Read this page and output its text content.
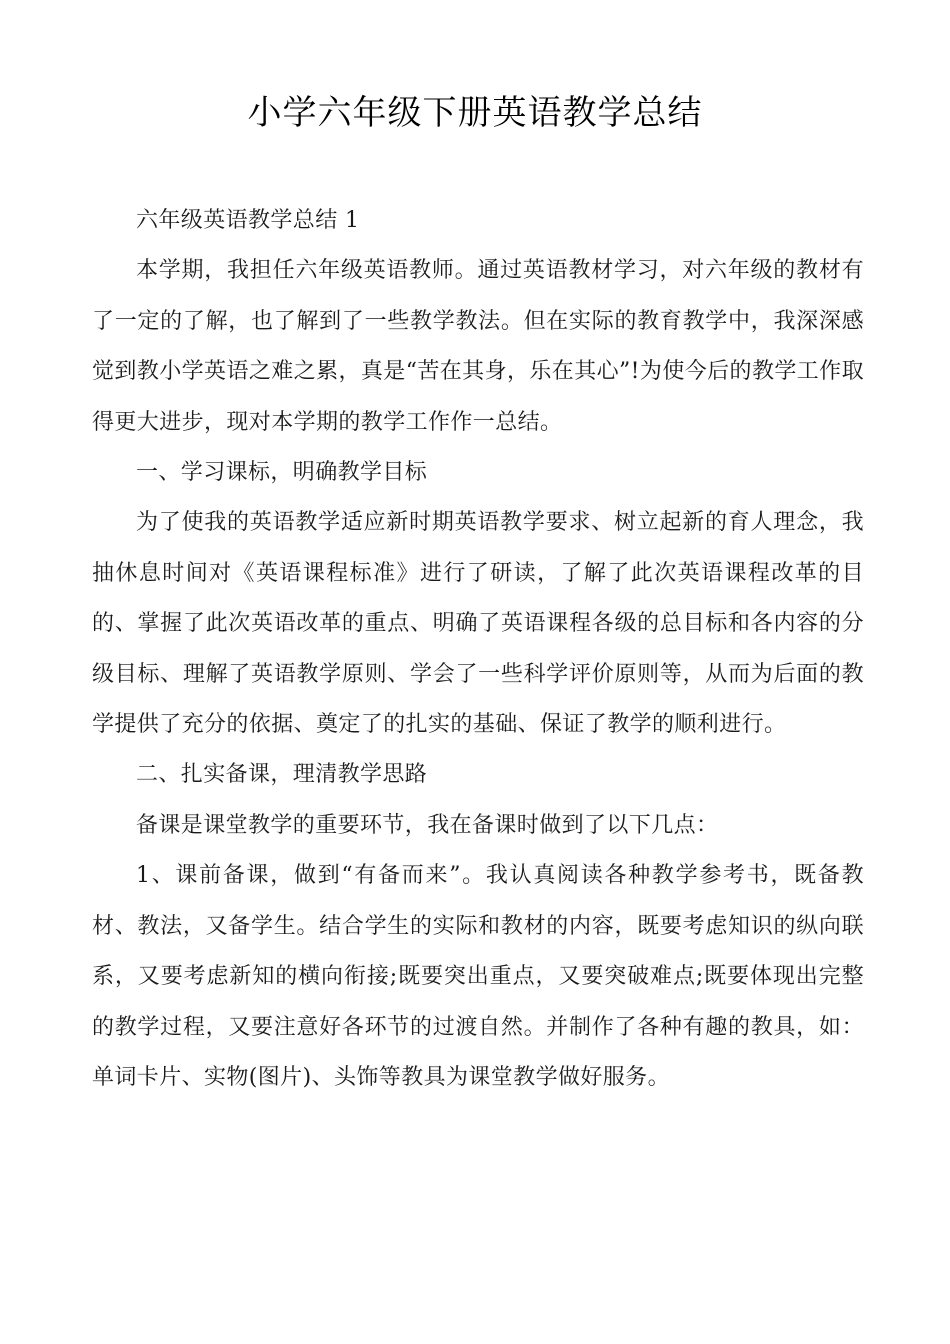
小学六年级下册英语教学总结

六年级英语教学总结 1

本学期，我担任六年级英语教师。通过英语教材学习，对六年级的教材有了一定的了解，也了解到了一些教学教法。但在实际的教育教学中，我深深感觉到教小学英语之难之累，真是“苦在其身，乐在其心”!为使今后的教学工作取得更大进步，现对本学期的教学工作作一总结。

一、学习课标，明确教学目标

为了使我的英语教学适应新时期英语教学要求、树立起新的育人理念，我抽休息时间对《英语课程标准》进行了研读，了解了此次英语课程改革的目的、掌握了此次英语改革的重点、明确了英语课程各级的总目标和各内容的分级目标、理解了英语教学原则、学会了一些科学评价原则等，从而为后面的教学提供了充分的依据、奠定了的扎实的基础、保证了教学的顺利进行。

二、扎实备课，理清教学思路

备课是课堂教学的重要环节，我在备课时做到了以下几点：

1、课前备课，做到“有备而来”。我认真阅读各种教学参考书，既备教材、教法，又备学生。结合学生的实际和教材的内容，既要考虑知识的纵向联系，又要考虑新知的横向衔接;既要突出重点，又要突破难点;既要体现出完整的教学过程，又要注意好各环节的过渡自然。并制作了各种有趣的教具，如：单词卡片、实物(图片)、头饰等教具为课堂教学做好服务。
